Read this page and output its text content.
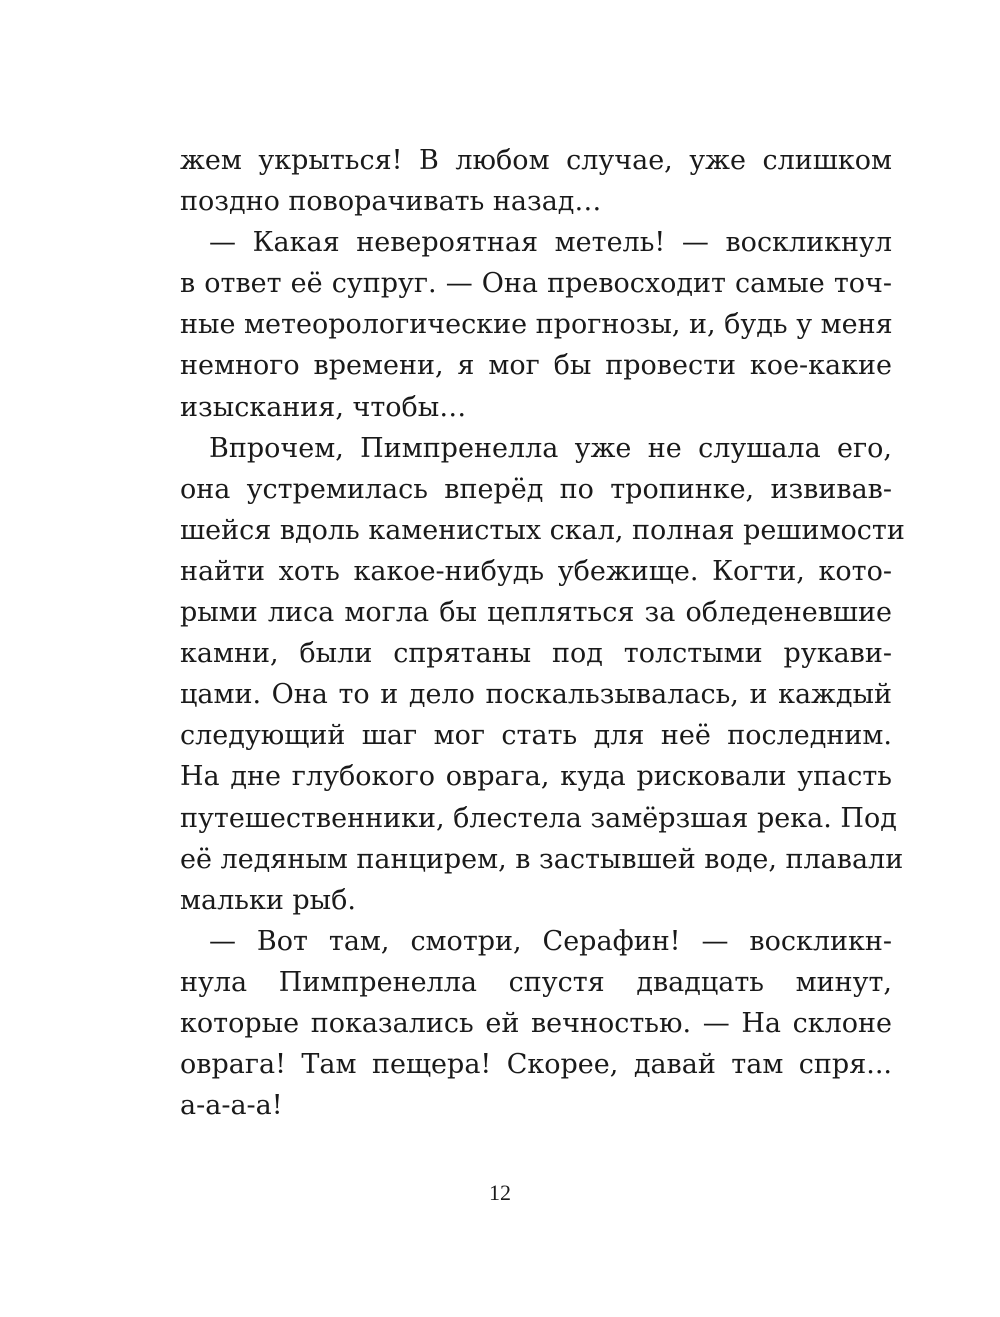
жем укрыться! В любом случае, уже слишком
поздно поворачивать назад…
— Какая невероятная метель! — воскликнул
в ответ её супруг. — Она превосходит самые точ-
ные метеорологические прогнозы, и, будь у меня
немного времени, я мог бы провести кое-какие
изыскания, чтобы…
Впрочем, Пимпренелла уже не слушала его,
она устремилась вперёд по тропинке, извивав-
шейся вдоль каменистых скал, полная решимости
найти хоть какое-нибудь убежище. Когти, кото-
рыми лиса могла бы цепляться за обледеневшие
камни, были спрятаны под толстыми рукави-
цами. Она то и дело поскальзывалась, и каждый
следующий шаг мог стать для неё последним.
На дне глубокого оврага, куда рисковали упасть
путешественники, блестела замёрзшая река. Под
её ледяным панцирем, в застывшей воде, плавали
мальки рыб.
— Вот там, смотри, Серафин! — воскликн-
нула Пимпренелла спустя двадцать минут,
которые показались ей вечностью. — На склоне
оврага! Там пещера! Скорее, давай там спря...
а-а-а-а!
12
